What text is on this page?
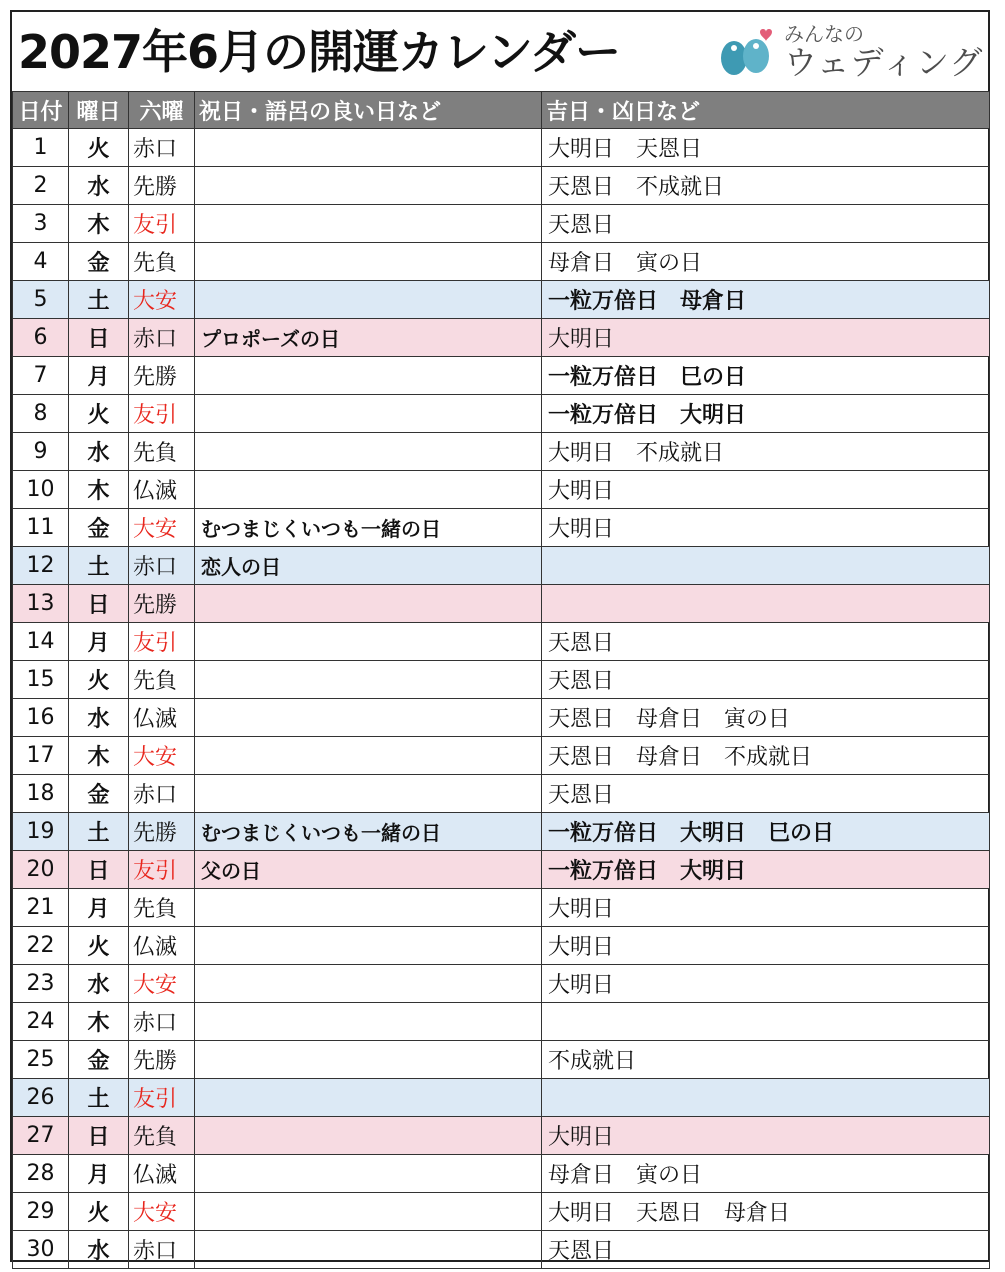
2027年6月の開運カレンダー	みんなの
ウェディング
日付	曜日	六曜	祝日・語呂の良い日など	吉日・凶日など
1	火	赤口		大明日　天恩日
2	水	先勝		天恩日　不成就日
3	木	友引		天恩日
4	金	先負		母倉日　寅の日
5	土	大安		一粒万倍日　母倉日
6	日	赤口	プロポーズの日	大明日
7	月	先勝		一粒万倍日　巳の日
8	火	友引		一粒万倍日　大明日
9	水	先負		大明日　不成就日
10	木	仏滅		大明日
11	金	大安	むつまじくいつも一緒の日	大明日
12	土	赤口	恋人の日	
13	日	先勝		
14	月	友引		天恩日
15	火	先負		天恩日
16	水	仏滅		天恩日　母倉日　寅の日
17	木	大安		天恩日　母倉日　不成就日
18	金	赤口		天恩日
19	土	先勝	むつまじくいつも一緒の日	一粒万倍日　大明日　巳の日
20	日	友引	父の日	一粒万倍日　大明日
21	月	先負		大明日
22	火	仏滅		大明日
23	水	大安		大明日
24	木	赤口		
25	金	先勝		不成就日
26	土	友引		
27	日	先負		大明日
28	月	仏滅		母倉日　寅の日
29	火	大安		大明日　天恩日　母倉日
30	水	赤口		天恩日
